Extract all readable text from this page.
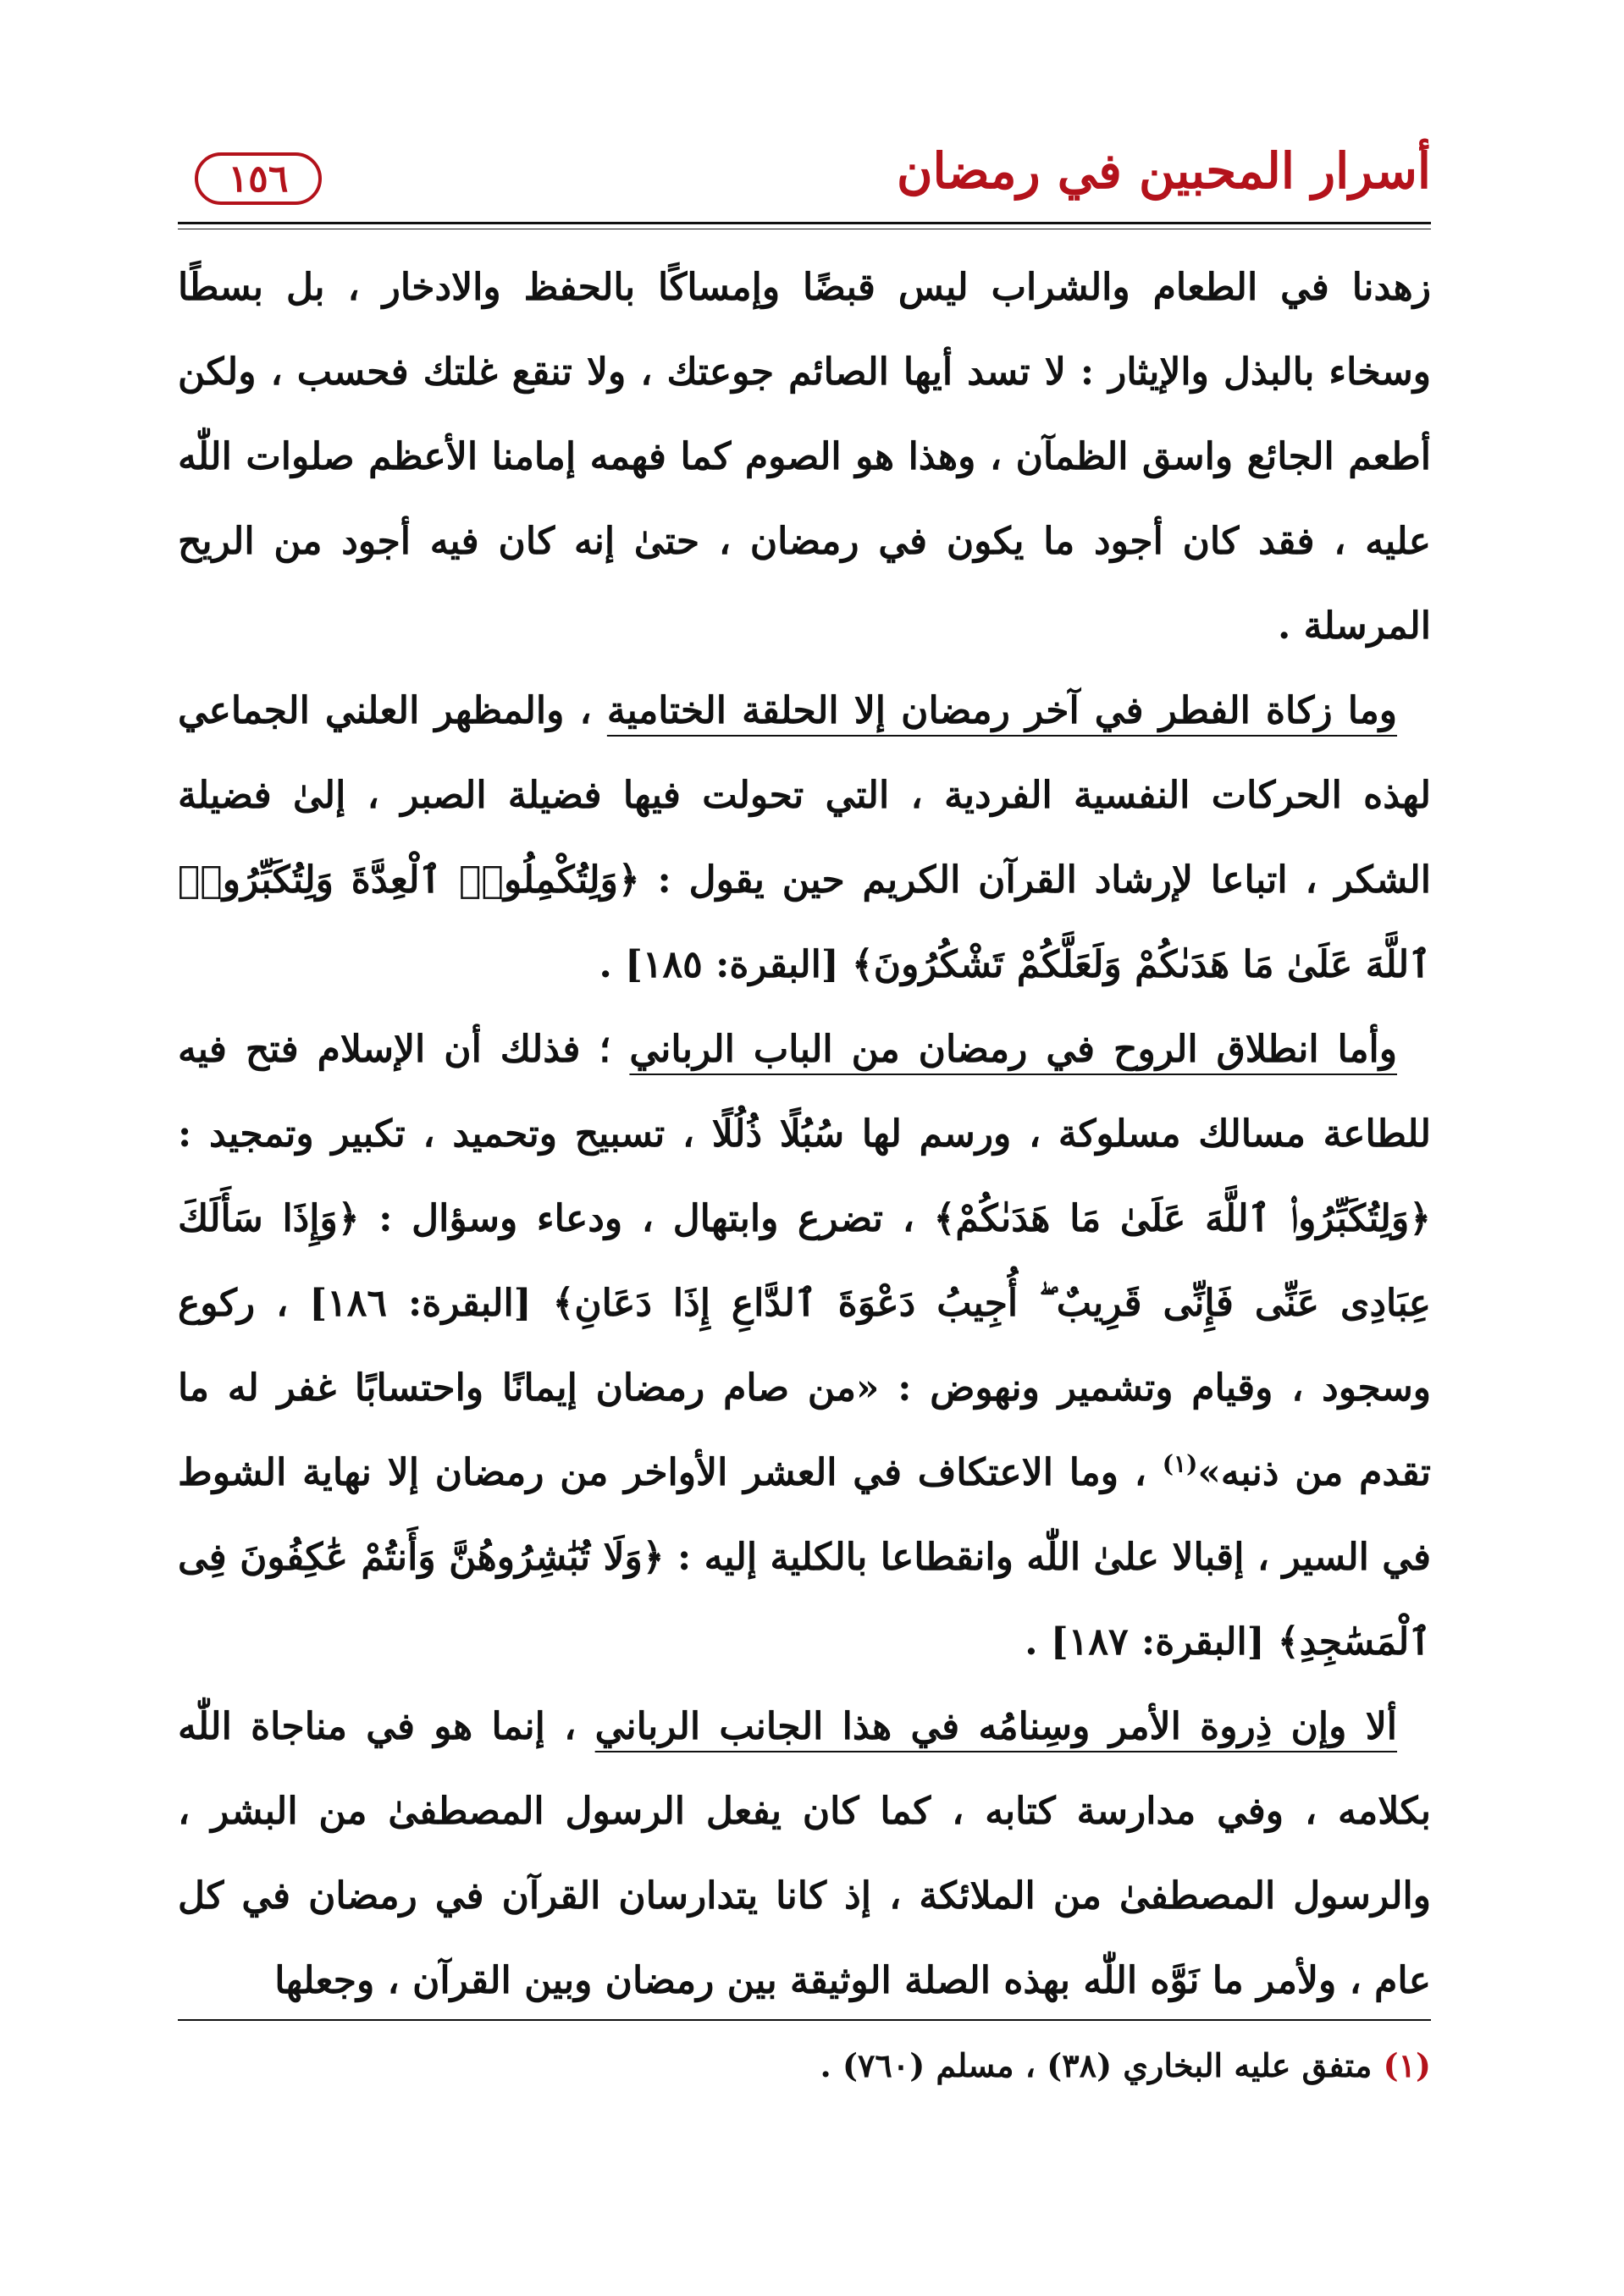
أسرار المحبين في رمضان
١٥٦

زهدنا في الطعام والشراب ليس قبضًا وإمساكًا بالحفظ والادخار ، بل بسطًا وسخاء بالبذل والإيثار : لا تسد أيها الصائم جوعتك ، ولا تنقع غلتك فحسب ، ولكن أطعم الجائع واسق الظمآن ، وهذا هو الصوم كما فهمه إمامنا الأعظم صلوات اللّٰه عليه ، فقد كان أجود ما يكون في رمضان ، حتىٰ إنه كان فيه أجود من الريح المرسلة .

وما زكاة الفطر في آخر رمضان إلا الحلقة الختامية ، والمظهر العلني الجماعي لهذه الحركات النفسية الفردية ، التي تحولت فيها فضيلة الصبر ، إلىٰ فضيلة الشكر ، اتباعا لإرشاد القرآن الكريم حين يقول : ﴿وَلِتُكْمِلُوا۟ ٱلْعِدَّةَ وَلِتُكَبِّرُوا۟ ٱللَّهَ عَلَىٰ مَا هَدَىٰكُمْ وَلَعَلَّكُمْ تَشْكُرُونَ﴾ [البقرة: ١٨٥] .

وأما انطلاق الروح في رمضان من الباب الرباني ؛ فذلك أن الإسلام فتح فيه للطاعة مسالك مسلوكة ، ورسم لها سُبُلًا ذُلُلًا ، تسبيح وتحميد ، تكبير وتمجيد : ﴿وَلِتُكَبِّرُوا۟ ٱللَّهَ عَلَىٰ مَا هَدَىٰكُمْ﴾ ، تضرع وابتهال ، ودعاء وسؤال : ﴿وَإِذَا سَأَلَكَ عِبَادِى عَنِّى فَإِنِّى قَرِيبٌ ۖ أُجِيبُ دَعْوَةَ ٱلدَّاعِ إِذَا دَعَانِ﴾ [البقرة: ١٨٦] ، ركوع وسجود ، وقيام وتشمير ونهوض : «من صام رمضان إيمانًا واحتسابًا غفر له ما تقدم من ذنبه»$^{(١)}$ ، وما الاعتكاف في العشر الأواخر من رمضان إلا نهاية الشوط في السير ، إقبالا علىٰ اللّٰه وانقطاعا بالكلية إليه : ﴿وَلَا تُبَٰشِرُوهُنَّ وَأَنتُمْ عَٰكِفُونَ فِى ٱلْمَسَٰجِدِ﴾ [البقرة: ١٨٧] .

ألا وإن ذِروة الأمر وسِنامُه في هذا الجانب الرباني ، إنما هو في مناجاة اللّٰه بكلامه ، وفي مدارسة كتابه ، كما كان يفعل الرسول المصطفىٰ من البشر ، والرسول المصطفىٰ من الملائكة ، إذ كانا يتدارسان القرآن في رمضان في كل عام ، ولأمر ما نَوَّه اللّٰه بهذه الصلة الوثيقة بين رمضان وبين القرآن ، وجعلها

(١) متفق عليه البخاري (٣٨) ، مسلم (٧٦٠) .
